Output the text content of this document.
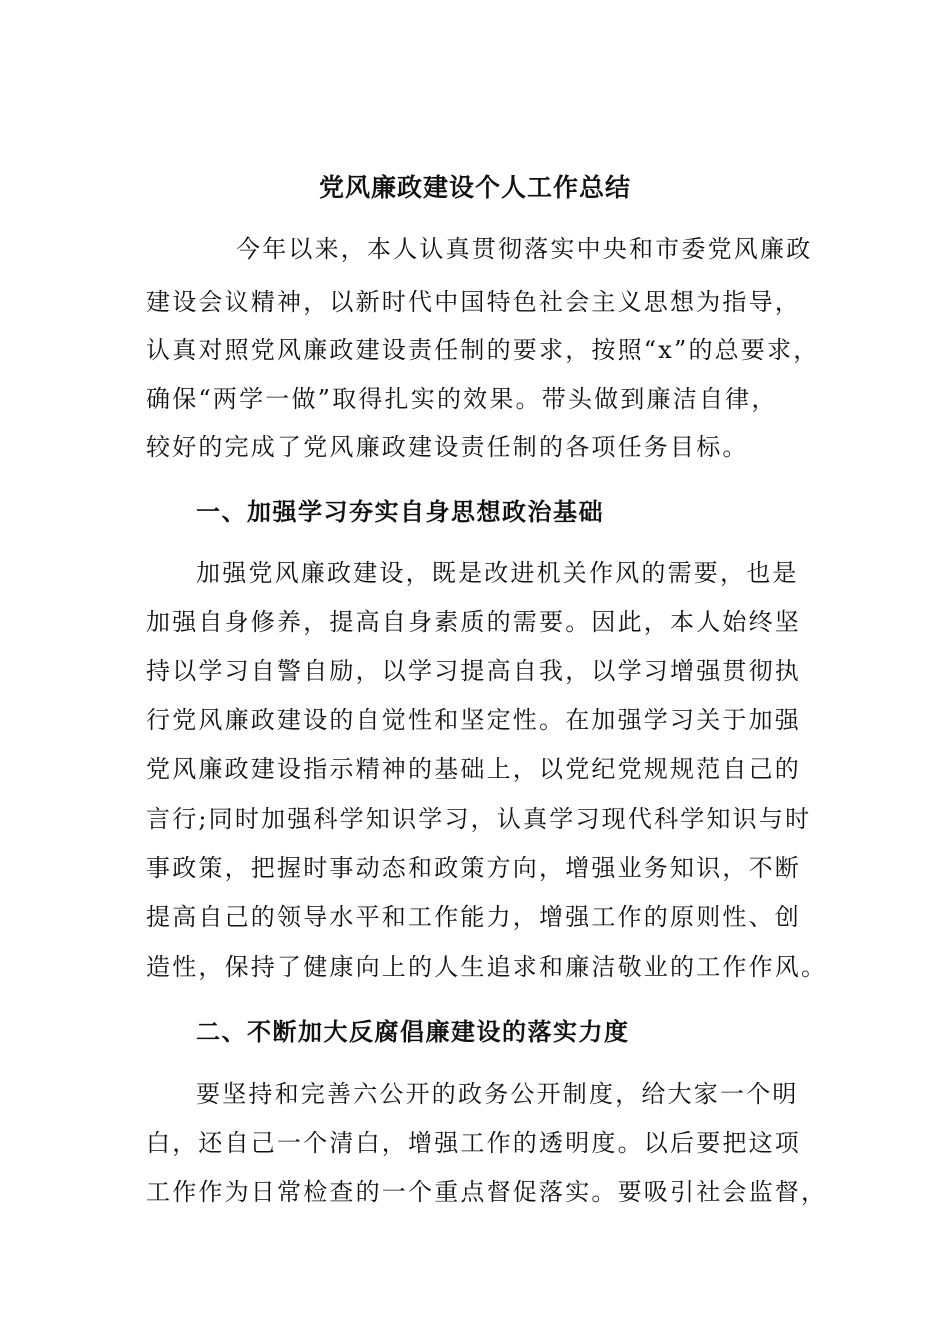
党风廉政建设个人工作总结

今年以来，本人认真贯彻落实中央和市委党风廉政

建设会议精神，以新时代中国特色社会主义思想为指导，

认真对照党风廉政建设责任制的要求，按照“x”的总要求，

确保“两学一做”取得扎实的效果。带头做到廉洁自律，

较好的完成了党风廉政建设责任制的各项任务目标。

一、加强学习夯实自身思想政治基础

加强党风廉政建设，既是改进机关作风的需要，也是

加强自身修养，提高自身素质的需要。因此，本人始终坚

持以学习自警自励，以学习提高自我，以学习增强贯彻执

行党风廉政建设的自觉性和坚定性。在加强学习关于加强

党风廉政建设指示精神的基础上，以党纪党规规范自己的

言行;同时加强科学知识学习，认真学习现代科学知识与时

事政策，把握时事动态和政策方向，增强业务知识，不断

提高自己的领导水平和工作能力，增强工作的原则性、创

造性，保持了健康向上的人生追求和廉洁敬业的工作作风。

二、不断加大反腐倡廉建设的落实力度

要坚持和完善六公开的政务公开制度，给大家一个明

白，还自己一个清白，增强工作的透明度。以后要把这项

工作作为日常检查的一个重点督促落实。要吸引社会监督，
